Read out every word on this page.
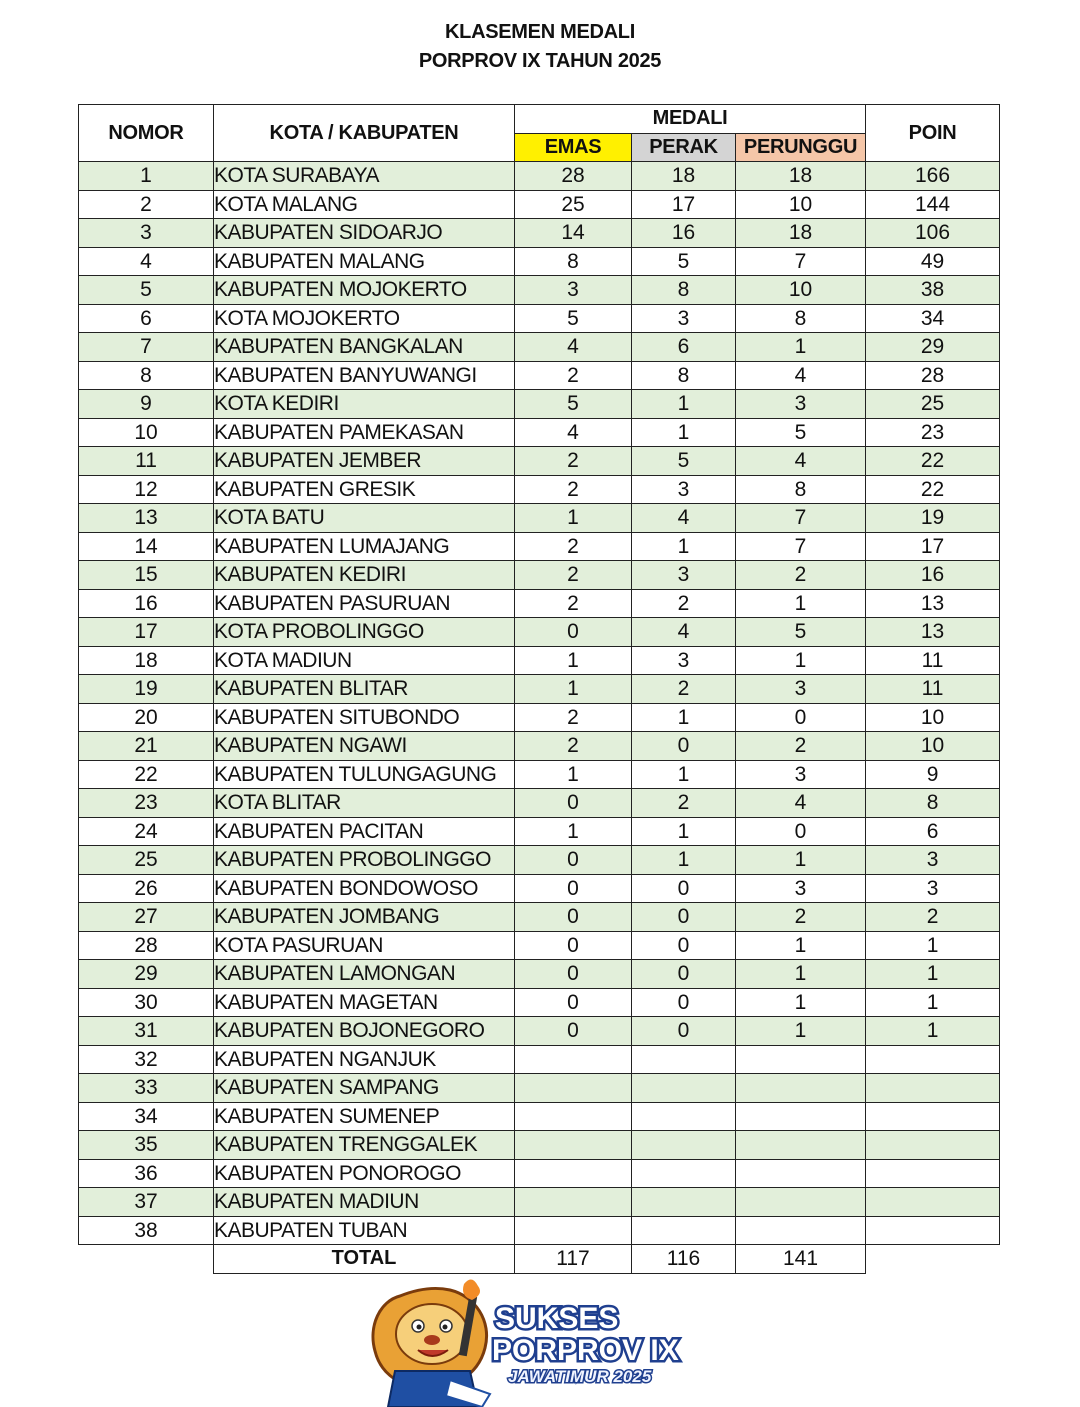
KLASEMEN MEDALI
PORPROV IX TAHUN 2025
NOMOR	KOTA / KABUPATEN	MEDALI			POIN
		EMAS	PERAK	PERUNGGU	
1	KOTA SURABAYA	28	18	18	166
2	KOTA MALANG	25	17	10	144
3	KABUPATEN SIDOARJO	14	16	18	106
4	KABUPATEN MALANG	8	5	7	49
5	KABUPATEN MOJOKERTO	3	8	10	38
6	KOTA MOJOKERTO	5	3	8	34
7	KABUPATEN BANGKALAN	4	6	1	29
8	KABUPATEN BANYUWANGI	2	8	4	28
9	KOTA KEDIRI	5	1	3	25
10	KABUPATEN PAMEKASAN	4	1	5	23
11	KABUPATEN JEMBER	2	5	4	22
12	KABUPATEN GRESIK	2	3	8	22
13	KOTA BATU	1	4	7	19
14	KABUPATEN LUMAJANG	2	1	7	17
15	KABUPATEN KEDIRI	2	3	2	16
16	KABUPATEN PASURUAN	2	2	1	13
17	KOTA PROBOLINGGO	0	4	5	13
18	KOTA MADIUN	1	3	1	11
19	KABUPATEN BLITAR	1	2	3	11
20	KABUPATEN SITUBONDO	2	1	0	10
21	KABUPATEN NGAWI	2	0	2	10
22	KABUPATEN TULUNGAGUNG	1	1	3	9
23	KOTA BLITAR	0	2	4	8
24	KABUPATEN PACITAN	1	1	0	6
25	KABUPATEN PROBOLINGGO	0	1	1	3
26	KABUPATEN BONDOWOSO	0	0	3	3
27	KABUPATEN JOMBANG	0	0	2	2
28	KOTA PASURUAN	0	0	1	1
29	KABUPATEN LAMONGAN	0	0	1	1
30	KABUPATEN MAGETAN	0	0	1	1
31	KABUPATEN BOJONEGORO	0	0	1	1
32	KABUPATEN NGANJUK				
33	KABUPATEN SAMPANG				
34	KABUPATEN SUMENEP				
35	KABUPATEN TRENGGALEK				
36	KABUPATEN PONOROGO				
37	KABUPATEN MADIUN				
38	KABUPATEN TUBAN				
	TOTAL	117	116	141	
SUKSES
PORPROV IX
JAWATIMUR 2025
